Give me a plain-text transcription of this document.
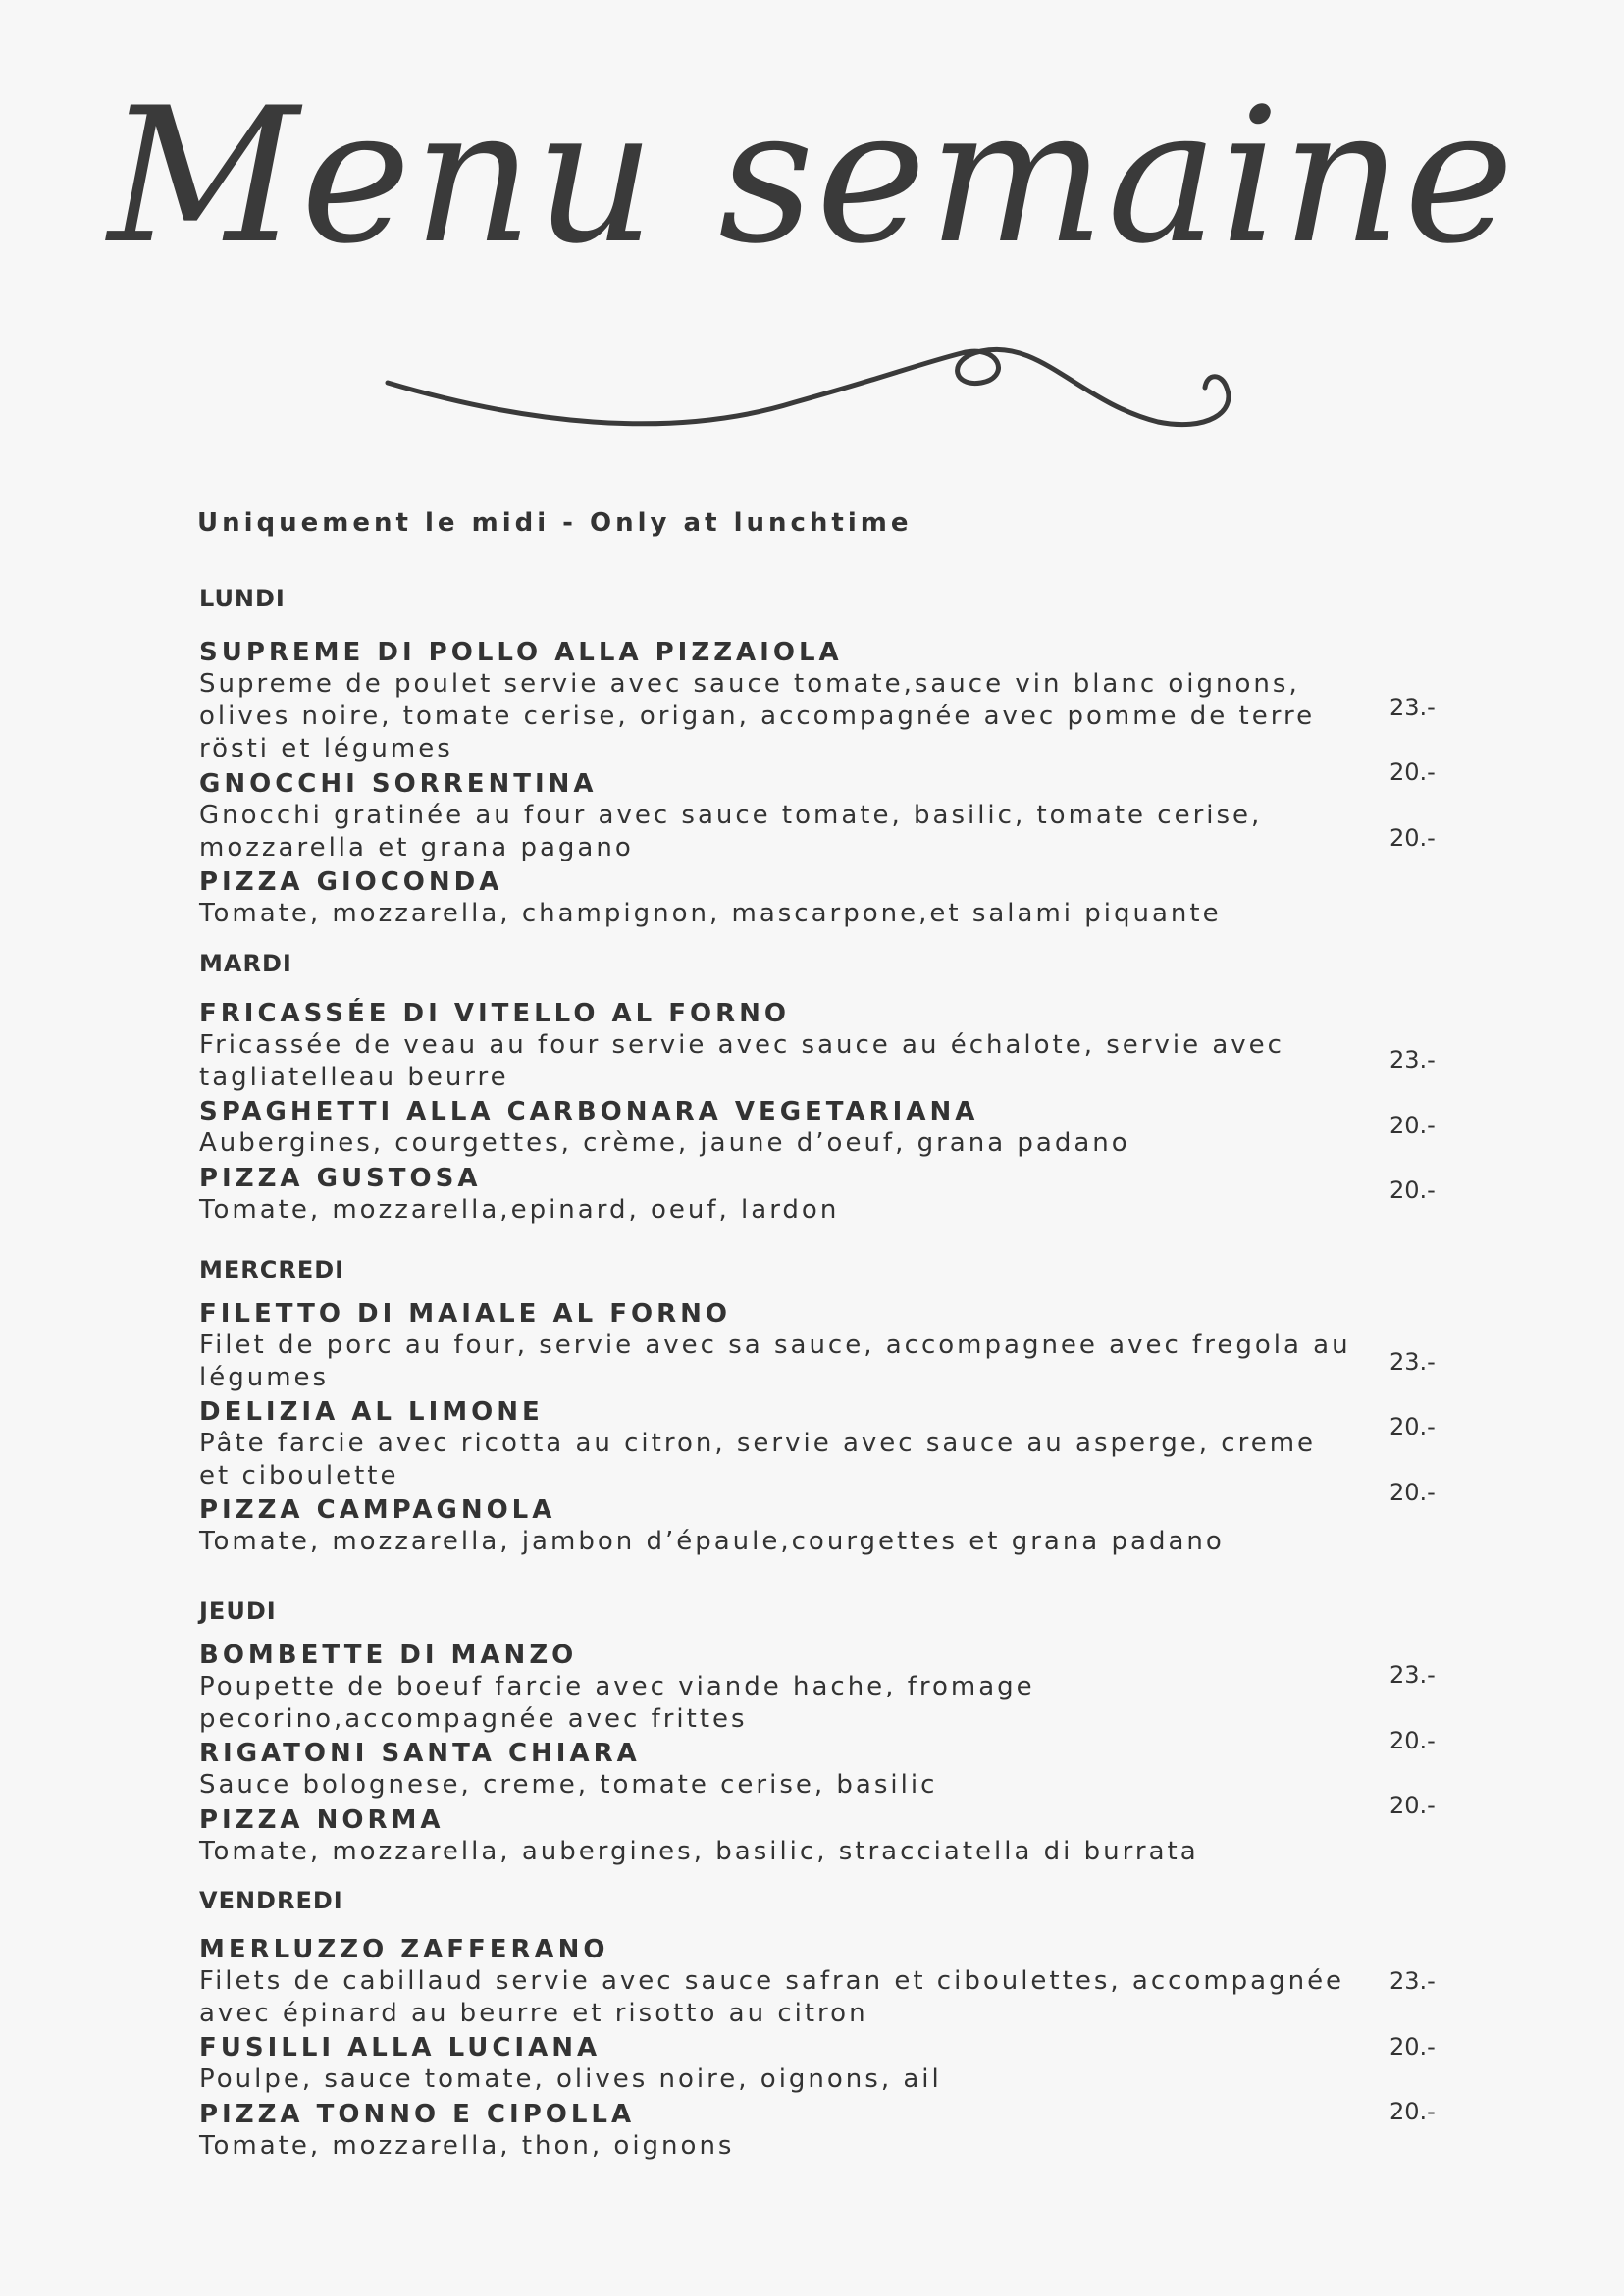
Menu semaine
Uniquement le midi - Only at lunchtime
LUNDI
SUPREME DI POLLO ALLA PIZZAIOLA
Supreme de poulet servie avec sauce tomate,sauce vin blanc oignons, olives noire, tomate cerise, origan, accompagnée avec pomme de terre rösti et légumes
GNOCCHI SORRENTINA
Gnocchi gratinée au four avec sauce tomate, basilic, tomate cerise, mozzarella et grana pagano
PIZZA GIOCONDA
Tomate, mozzarella, champignon, mascarpone,et salami piquante
23.-
20.-
20.-
MARDI
FRICASSÉE DI VITELLO AL FORNO
Fricassée de veau au four servie avec sauce au échalote, servie avec tagliatelleau beurre
SPAGHETTI ALLA CARBONARA VEGETARIANA
Aubergines, courgettes, crème, jaune d’oeuf, grana padano
PIZZA GUSTOSA
Tomate, mozzarella,epinard, oeuf, lardon
23.-
20.-
20.-
MERCREDI
FILETTO DI MAIALE AL FORNO
Filet de porc au four, servie avec sa sauce, accompagnee avec fregola au légumes
DELIZIA AL LIMONE
Pâte farcie avec ricotta au citron, servie avec sauce au asperge, creme et ciboulette
PIZZA CAMPAGNOLA
Tomate, mozzarella, jambon d’épaule,courgettes et grana padano
23.-
20.-
20.-
JEUDI
BOMBETTE DI MANZO
Poupette de boeuf farcie avec viande hache, fromage pecorino,accompagnée avec frittes
RIGATONI SANTA CHIARA
Sauce bolognese, creme, tomate cerise, basilic
PIZZA NORMA
Tomate, mozzarella, aubergines, basilic, stracciatella di burrata
23.-
20.-
20.-
VENDREDI
MERLUZZO ZAFFERANO
Filets de cabillaud servie avec sauce safran et ciboulettes, accompagnée avec épinard au beurre et risotto au citron
FUSILLI ALLA LUCIANA
Poulpe, sauce tomate, olives noire, oignons, ail
PIZZA TONNO E CIPOLLA
Tomate, mozzarella, thon, oignons
23.-
20.-
20.-
